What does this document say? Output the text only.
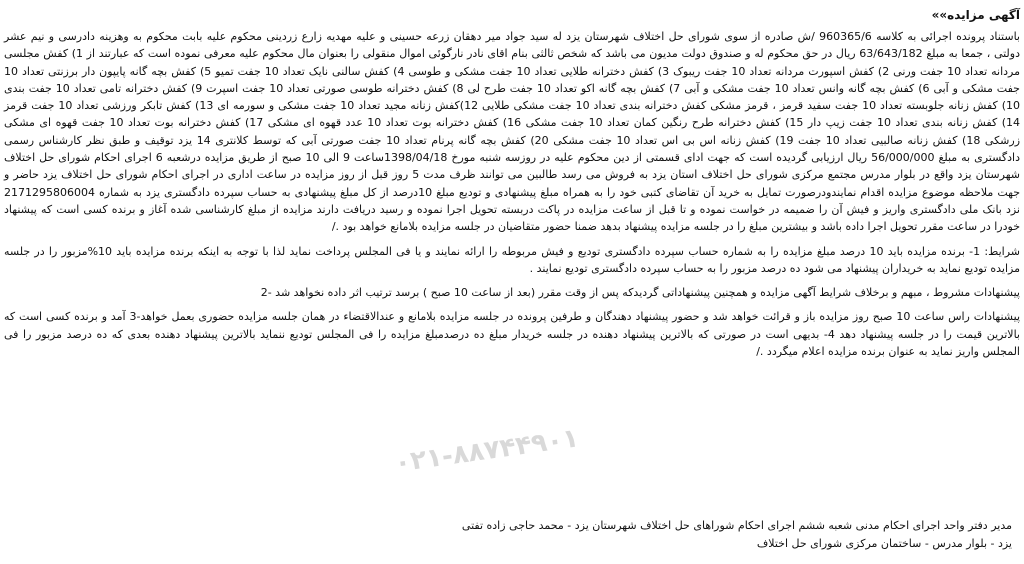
آگهی مزایده»»

باستناد پرونده اجرائی به کلاسه 960365/6 /ش صادره از سوی شورای حل اختلاف شهرستان یزد له سید جواد میر دهقان زرعه حسینی و علیه مهدیه زارع زردینی محکوم علیه بابت محکوم به وهزینه دادرسی و نیم عشر دولتی ، جمعا به مبلغ 63/643/182 ریال در حق محکوم له و صندوق دولت مدیون می باشد که شخص ثالثی بنام اقای نادر نارگوئی اموال منقولی را بعنوان مال محکوم علیه معرفی نموده است که عبارتند از 1) کفش مجلسی مردانه تعداد 10 جفت ورنی 2) کفش اسپورت مردانه تعداد 10 جفت ریبوک 3) کفش دخترانه طلایی تعداد 10 جفت مشکی و طوسی 4) کفش سالنی نایک تعداد 10 جفت تمیو 5) کفش بچه گانه پایپون دار برزنتی تعداد 10 جفت مشکی و آبی 6) کفش بچه گانه وانس تعداد 10 جفت مشکی و آبی 7) کفش بچه گانه اکو تعداد 10 جفت طرح لی 8) کفش دخترانه طوسی صورتی تعداد 10 جفت اسپرت 9) کفش دخترانه تامی تعداد 10 جفت بندی 10) کفش زنانه جلوبسته تعداد 10 جفت سفید قرمز ، قرمز مشکی کفش دخترانه بندی تعداد 10 جفت مشکی طلایی 12)کفش زنانه مجید تعداد 10 جفت مشکی و سورمه ای 13) کفش تابکر ورزشی تعداد 10 جفت قرمز 14) کفش زنانه بندی تعداد 10 جفت زیپ دار 15) کفش دخترانه طرح رنگین کمان تعداد 10 جفت مشکی 16) کفش دخترانه بوت تعداد 10 عدد قهوه ای مشکی 17) کفش دخترانه بوت تعداد 10 جفت قهوه ای مشکی زرشکی 18) کفش زنانه صالبیی تعداد 10 جفت 19) کفش زنانه اس بی اس تعداد 10 جفت مشکی 20) کفش بچه گانه پرنام تعداد 10 جفت صورتی آبی که توسط کلانتری 14 یزد توقیف و طبق نظر کارشناس رسمی دادگستری به مبلغ 56/000/000 ریال ارزیابی گردیده است که جهت ادای قسمتی از دین محکوم علیه در روزسه شنبه مورخ 1398/04/18ساعت 9 الی 10 صبح از طریق مزایده درشعبه 6 اجرای احکام شورای حل اختلاف شهرستان یزد واقع در بلوار مدرس مجتمع مرکزی شورای حل اختلاف استان یزد به فروش می رسد طالبین می توانند ظرف مدت 5 روز قبل از روز مزایده در ساعت اداری در اجرای احکام شورای حل اختلاف یزد حاضر و جهت ملاحظه موضوع مزایده اقدام نمایندودرصورت تمایل به خرید آن تقاضای کتبی خود را به همراه مبلغ پیشنهادی و تودیع مبلغ 10درصد از کل مبلغ پیشنهادی به حساب سپرده دادگستری یزد به شماره 2171295806004 نزد بانک ملی دادگستری واریز و فیش آن را ضمیمه در خواست نموده و تا قبل از ساعت مزایده در پاکت دربسته تحویل اجرا نموده و رسید دریافت دارند مزایده از مبلغ کارشناسی شده آغاز و برنده کسی است که پیشنهاد خودرا در ساعت مقرر تحویل اجرا داده باشد و بیشترین مبلغ را در جلسه مزایده پیشنهاد بدهد ضمنا حضور متقاضیان در جلسه مزایده بلامانع خواهد بود ./

شرایط: 1- برنده مزایده باید 10 درصد مبلغ مزایده را به شماره حساب سپرده دادگستری تودیع و فیش مربوطه را ارائه نمایند و یا فی المجلس پرداخت نماید لذا با توجه به اینکه برنده مزایده باید 10%مزبور را در جلسه مزایده تودیع نماید به خریداران پیشنهاد می شود ده درصد مزبور را به حساب سپرده دادگستری تودیع نمایند .

پیشنهادات مشروط ، مبهم و برخلاف شرایط آگهی مزایده و همچنین پیشنهاداتی گردیدکه پس از وقت مقرر (بعد از ساعت 10 صبح ) برسد ترتیب اثر داده نخواهد شد -2

پیشنهادات راس ساعت 10 صبح روز مزایده باز و قرائت خواهد شد و حضور پیشنهاد دهندگان و طرفین پرونده در جلسه مزایده بلامانع و عندالاقتضاء در همان جلسه مزایده حضوری بعمل خواهد-3 آمد و برنده کسی است که بالاترین قیمت را در جلسه پیشنهاد دهد 4- بدیهی است در صورتی که بالاترین پیشنهاد دهنده در جلسه خریدار مبلغ ده درصدمبلغ مزایده را فی المجلس تودیع ننماید بالاترین پیشنهاد دهنده بعدی که ده درصد مزبور را فی المجلس واریز نماید به عنوان برنده مزایده اعلام میگردد ./

۰۲۱-۸۸۷۴۴۹۰۱
مدیر دفتر واحد اجرای احکام مدنی شعبه ششم اجرای احکام شوراهای حل اختلاف شهرستان یزد - محمد حاجی زاده تفتی
یزد - بلوار مدرس - ساختمان مرکزی شورای حل اختلاف
